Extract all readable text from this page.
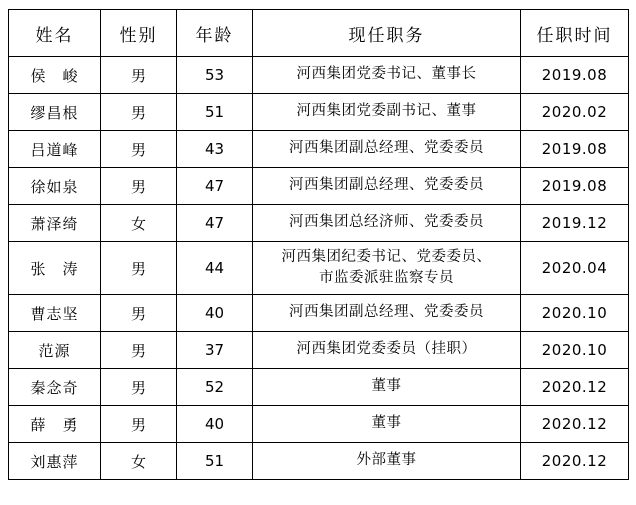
姓名	性别	年龄	现任职务	任职时间
侯　峻	男	53	河西集团党委书记、董事长	2019.08
缪昌根	男	51	河西集团党委副书记、董事	2020.02
吕道峰	男	43	河西集团副总经理、党委委员	2019.08
徐如泉	男	47	河西集团副总经理、党委委员	2019.08
萧泽绮	女	47	河西集团总经济师、党委委员	2019.12
张　涛	男	44	河西集团纪委书记、党委委员、
市监委派驻监察专员	2020.04
曹志坚	男	40	河西集团副总经理、党委委员	2020.10
范源	男	37	河西集团党委委员（挂职）	2020.10
秦念奇	男	52	董事	2020.12
薛　勇	男	40	董事	2020.12
刘惠萍	女	51	外部董事	2020.12
